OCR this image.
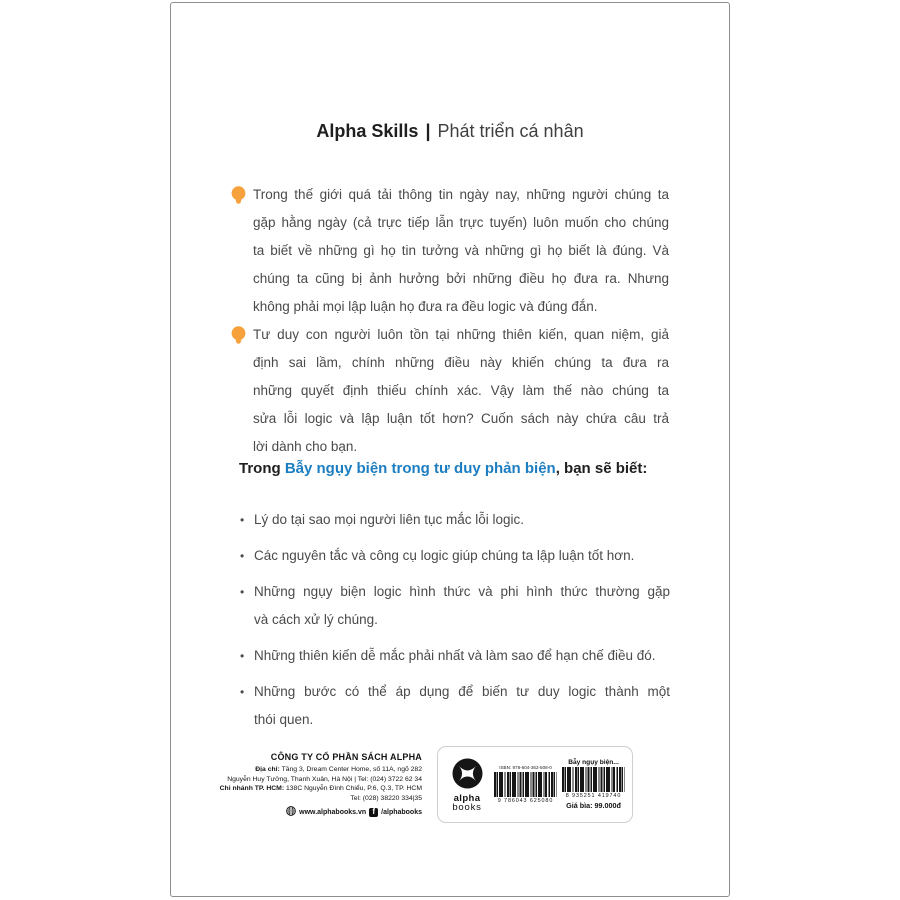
Alpha Skills | Phát triển cá nhân
Trong thế giới quá tải thông tin ngày nay, những người chúng ta
gặp hằng ngày (cả trực tiếp lẫn trực tuyến) luôn muốn cho chúng
ta biết về những gì họ tin tưởng và những gì họ biết là đúng. Và
chúng ta cũng bị ảnh hưởng bởi những điều họ đưa ra. Nhưng
không phải mọi lập luận họ đưa ra đều logic và đúng đắn.
Tư duy con người luôn tồn tại những thiên kiến, quan niệm, giả
định sai lầm, chính những điều này khiến chúng ta đưa ra
những quyết định thiếu chính xác. Vậy làm thế nào chúng ta
sửa lỗi logic và lập luận tốt hơn? Cuốn sách này chứa câu trả
lời dành cho bạn.
Trong Bẫy ngụy biện trong tư duy phản biện, bạn sẽ biết:
• Lý do tại sao mọi người liên tục mắc lỗi logic.
• Các nguyên tắc và công cụ logic giúp chúng ta lập luận tốt hơn.
• Những ngụy biện logic hình thức và phi hình thức thường gặp
và cách xử lý chúng.
• Những thiên kiến dễ mắc phải nhất và làm sao để hạn chế điều đó.
• Những bước có thể áp dụng để biến tư duy logic thành một
thói quen.
CÔNG TY CỔ PHẦN SÁCH ALPHA
Địa chỉ: Tầng 3, Dream Center Home, số 11A, ngõ 282
Nguyễn Huy Tưởng, Thanh Xuân, Hà Nội | Tel: (024) 3722 62 34
Chi nhánh TP. HCM: 138C Nguyễn Đình Chiểu, P.6, Q.3, TP. HCM
Tel: (028) 38220 334|35
www.alphabooks.vn f /alphabooks
alpha
books
ISBN: 978-604-362-508-0
9 786043 625080
Bẫy ngụy biện...
8 935251 419740
Giá bìa: 99.000đ
